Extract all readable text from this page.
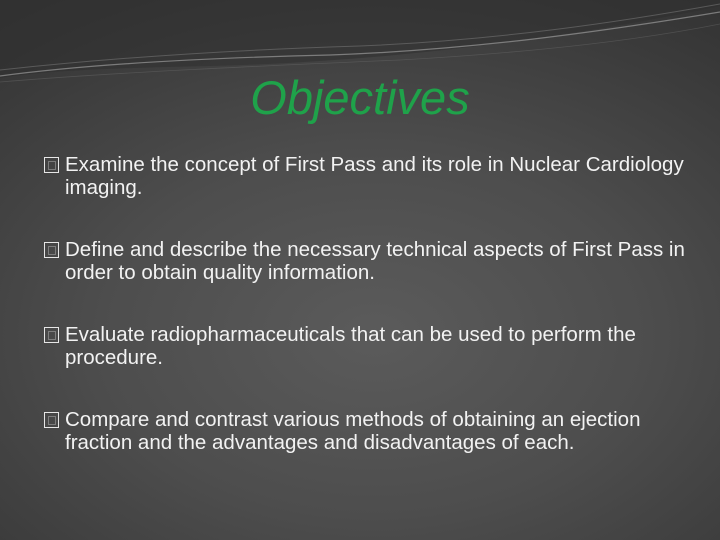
Objectives
Examine the concept of First Pass and its role in Nuclear Cardiology imaging.
Define and describe the necessary technical aspects of First Pass in order to obtain quality information.
Evaluate radiopharmaceuticals that can be used to perform the procedure.
Compare and contrast various methods of obtaining an ejection fraction and the advantages and disadvantages of each.
